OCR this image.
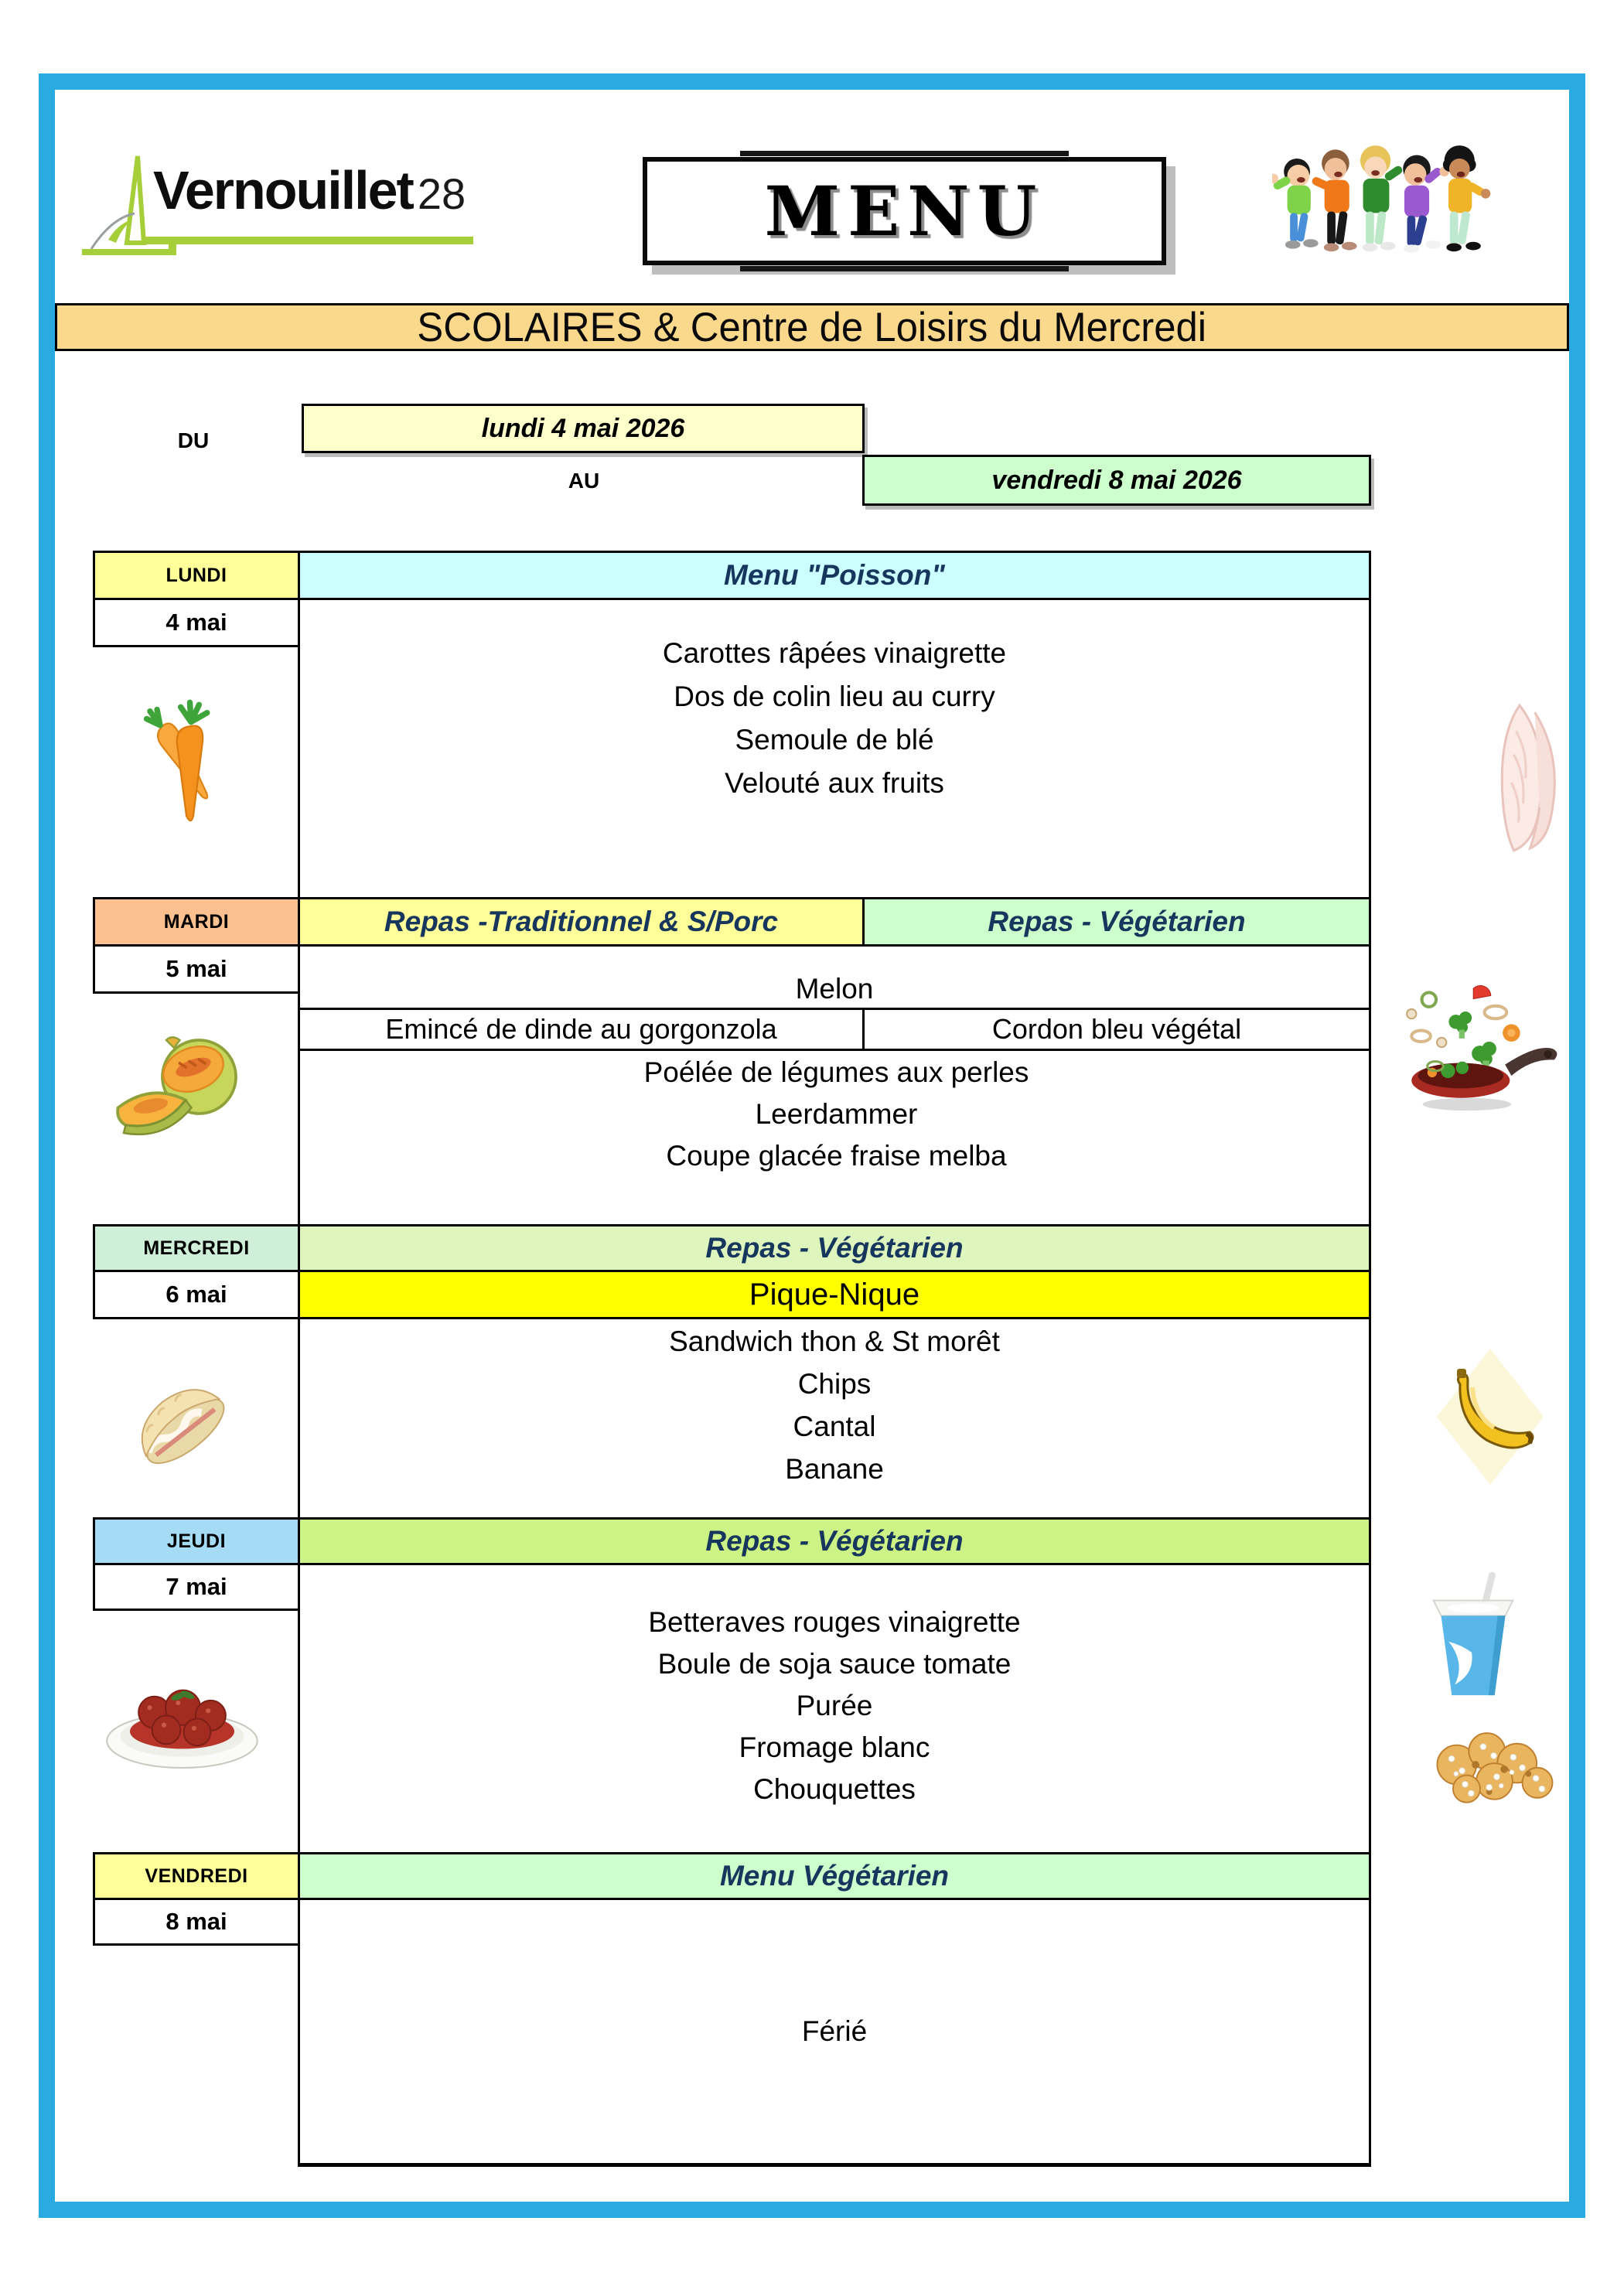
Vernouillet 28	MENU
SCOLAIRES & Centre de Loisirs du Mercredi
DU	lundi 4 mai 2026
AU	vendredi 8 mai 2026
LUNDI	Menu "Poisson"
4 mai
Carottes râpées vinaigrette
Dos de colin lieu au curry
Semoule de blé
Velouté aux fruits
MARDI	Repas -Traditionnel & S/Porc	Repas - Végétarien
5 mai
Melon
Emincé de dinde au gorgonzola	Cordon bleu végétal
Poélée de légumes aux perles
Leerdammer
Coupe glacée fraise melba
MERCREDI	Repas - Végétarien
6 mai	Pique-Nique
Sandwich thon & St morêt
Chips
Cantal
Banane
JEUDI	Repas - Végétarien
7 mai
Betteraves rouges vinaigrette
Boule de soja sauce tomate
Purée
Fromage blanc
Chouquettes
VENDREDI	Menu Végétarien
8 mai
Férié
